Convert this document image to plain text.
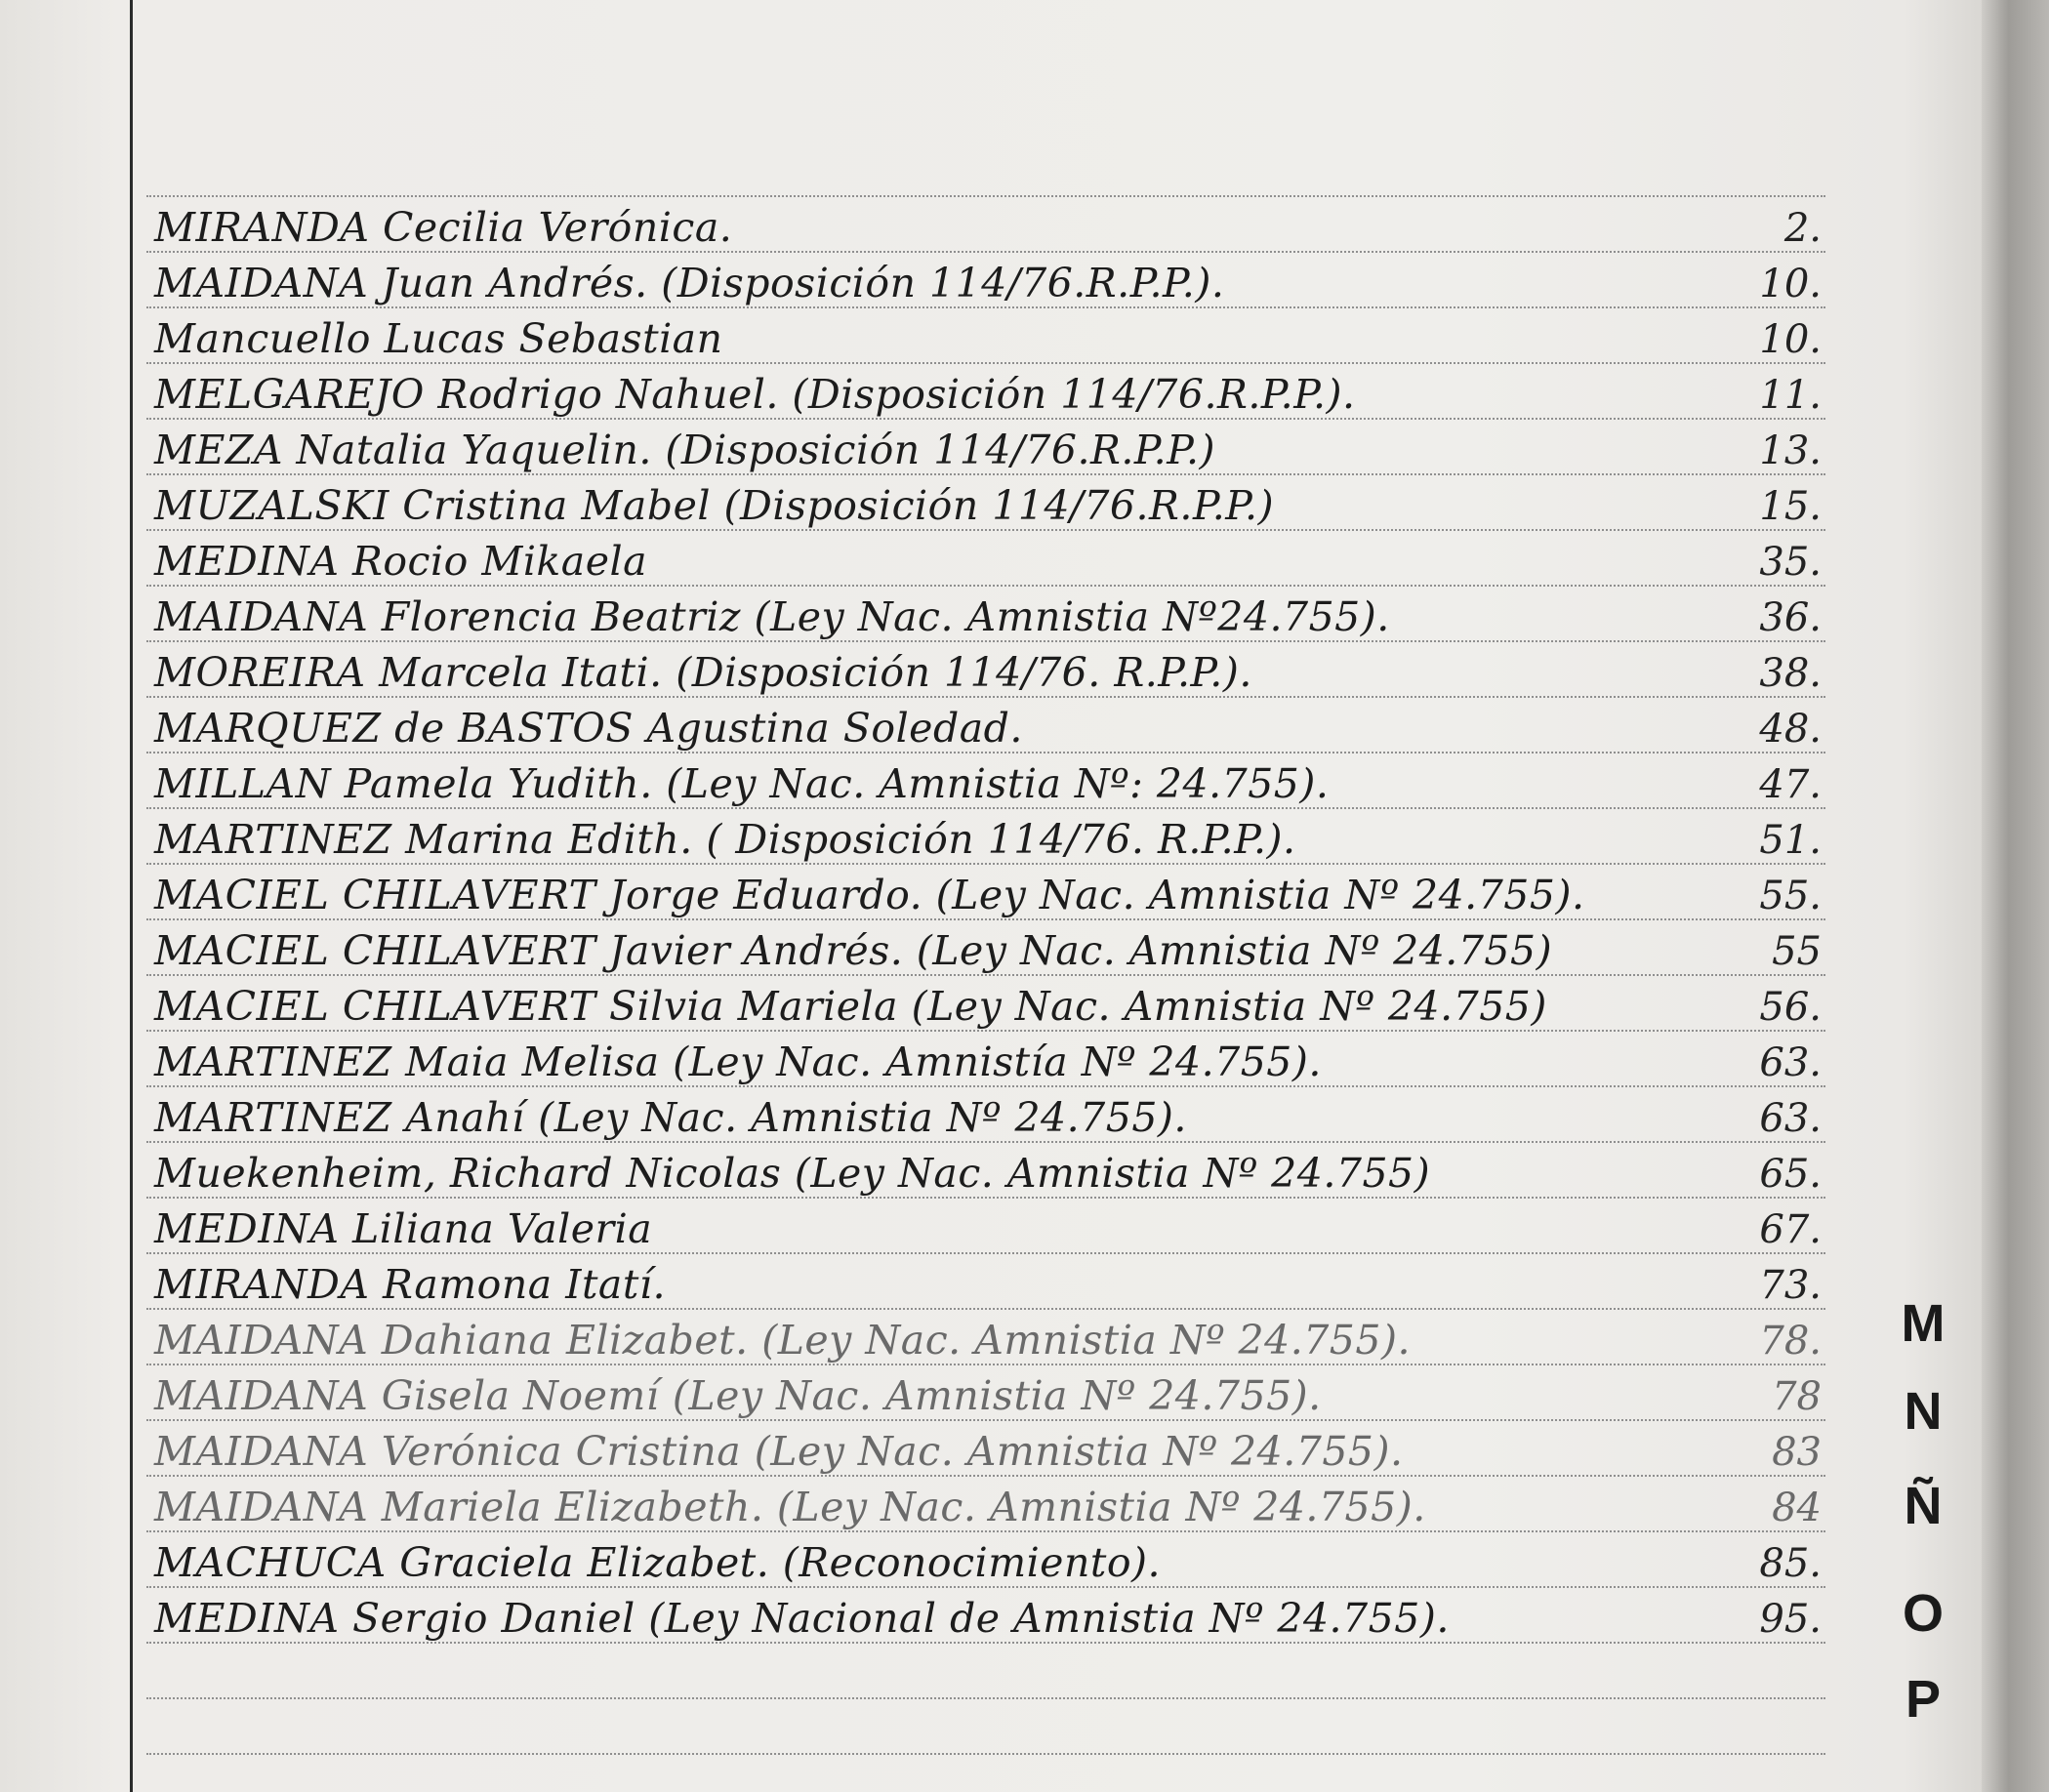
MIRANDA Cecilia Verónica.	2.
MAIDANA Juan Andrés. (Disposición 114/76.R.P.P.).	10.
Mancuello Lucas Sebastian	10.
MELGAREJO Rodrigo Nahuel. (Disposición 114/76.R.P.P.).	11.
MEZA Natalia Yaquelin. (Disposición 114/76.R.P.P.)	13.
MUZALSKI Cristina Mabel (Disposición 114/76.R.P.P.)	15.
MEDINA Rocio Mikaela	35.
MAIDANA Florencia Beatriz (Ley Nac. Amnistia Nº24.755).	36.
MOREIRA Marcela Itati. (Disposición 114/76. R.P.P.).	38.
MARQUEZ de BASTOS Agustina Soledad.	48.
MILLAN Pamela Yudith. (Ley Nac. Amnistia Nº: 24.755).	47.
MARTINEZ Marina Edith. ( Disposición 114/76. R.P.P.).	51.
MACIEL CHILAVERT Jorge Eduardo. (Ley Nac. Amnistia Nº 24.755).	55.
MACIEL CHILAVERT Javier Andrés. (Ley Nac. Amnistia Nº 24.755)	55
MACIEL CHILAVERT Silvia Mariela (Ley Nac. Amnistia Nº 24.755)	56.
MARTINEZ Maia Melisa (Ley Nac. Amnistía Nº 24.755).	63.
MARTINEZ Anahí (Ley Nac. Amnistia Nº 24.755).	63.
Muekenheim, Richard Nicolas (Ley Nac. Amnistia Nº 24.755)	65.
MEDINA Liliana Valeria	67.
MIRANDA Ramona Itatí.	73.
MAIDANA Dahiana Elizabet. (Ley Nac. Amnistia Nº 24.755).	78.
MAIDANA Gisela Noemí (Ley Nac. Amnistia Nº 24.755).	78
MAIDANA Verónica Cristina (Ley Nac. Amnistia Nº 24.755).	83
MAIDANA Mariela Elizabeth. (Ley Nac. Amnistia Nº 24.755).	84
MACHUCA Graciela Elizabet. (Reconocimiento).	85.
MEDINA Sergio Daniel (Ley Nacional de Amnistia Nº 24.755).	95.
M
N
Ñ
O
P
